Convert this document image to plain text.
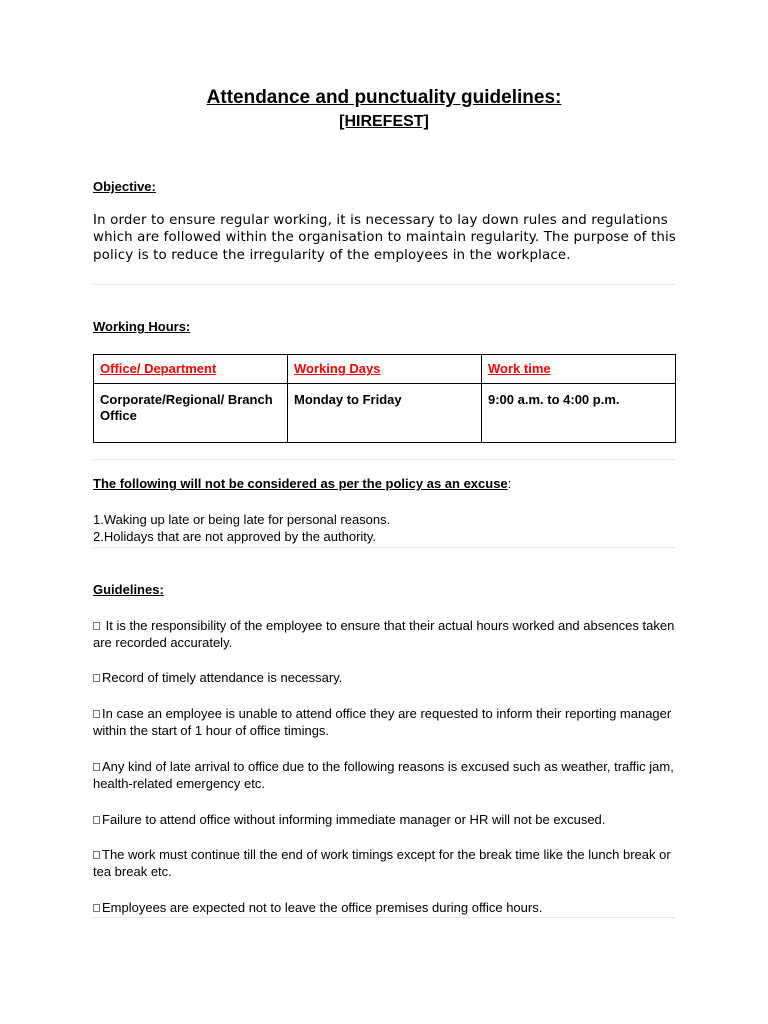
Attendance and punctuality guidelines:
[HIREFEST]
Objective:
In order to ensure regular working, it is necessary to lay down rules and regulations which are followed within the organisation to maintain regularity. The purpose of this policy is to reduce the irregularity of the employees in the workplace.
Working Hours:
Office/ Department	Working Days	Work time
Corporate/Regional/ Branch Office	Monday to Friday	9:00 a.m. to 4:00 p.m.
The following will not be considered as per the policy as an excuse:
1.Waking up late or being late for personal reasons.
2.Holidays that are not approved by the authority.
Guidelines:
It is the responsibility of the employee to ensure that their actual hours worked and absences taken are recorded accurately.
Record of timely attendance is necessary.
In case an employee is unable to attend office they are requested to inform their reporting manager within the start of 1 hour of office timings.
Any kind of late arrival to office due to the following reasons is excused such as weather, traffic jam, health-related emergency etc.
Failure to attend office without informing immediate manager or HR will not be excused.
The work must continue till the end of work timings except for the break time like the lunch break or tea break etc.
Employees are expected not to leave the office premises during office hours.
